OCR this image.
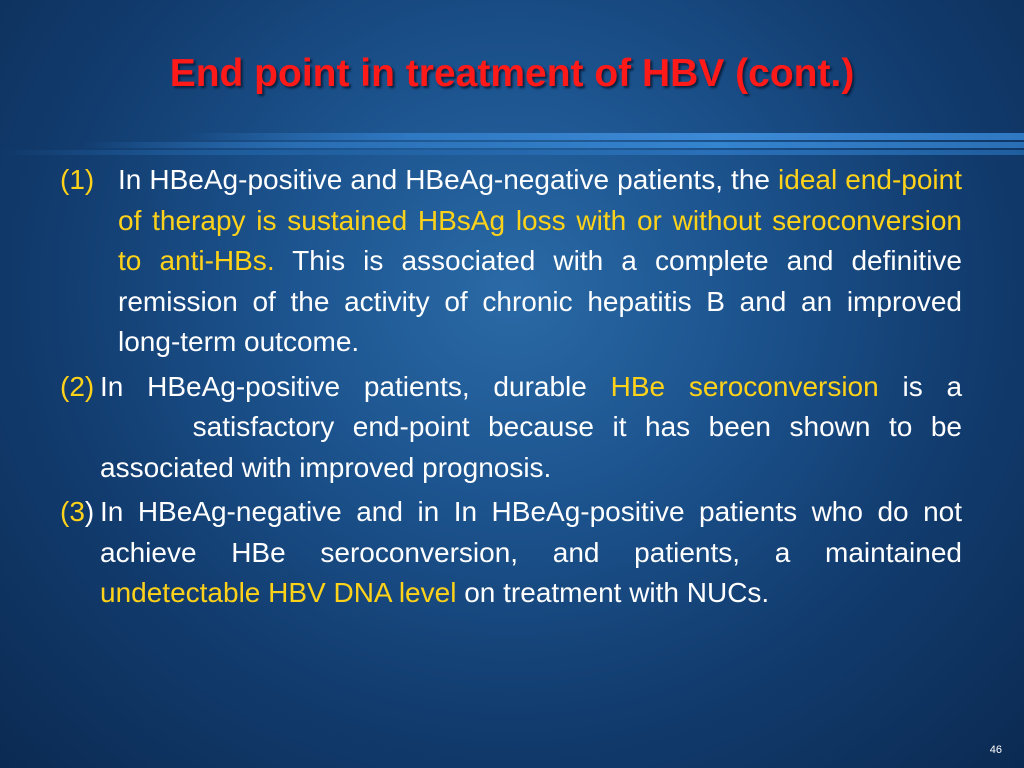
End point in treatment of HBV (cont.)
(1) In HBeAg-positive and HBeAg-negative patients, the ideal end-point of therapy is sustained HBsAg loss with or without seroconversion to anti-HBs. This is associated with a complete and definitive remission of the activity of chronic hepatitis B and an improved long-term outcome.
(2) In HBeAg-positive patients, durable HBe seroconversion is a      satisfactory end-point because it has been shown to be associated with improved prognosis.
(3) In HBeAg-negative and in In HBeAg-positive patients who do not achieve HBe seroconversion, and patients, a maintained undetectable HBV DNA level on treatment with NUCs.
46
